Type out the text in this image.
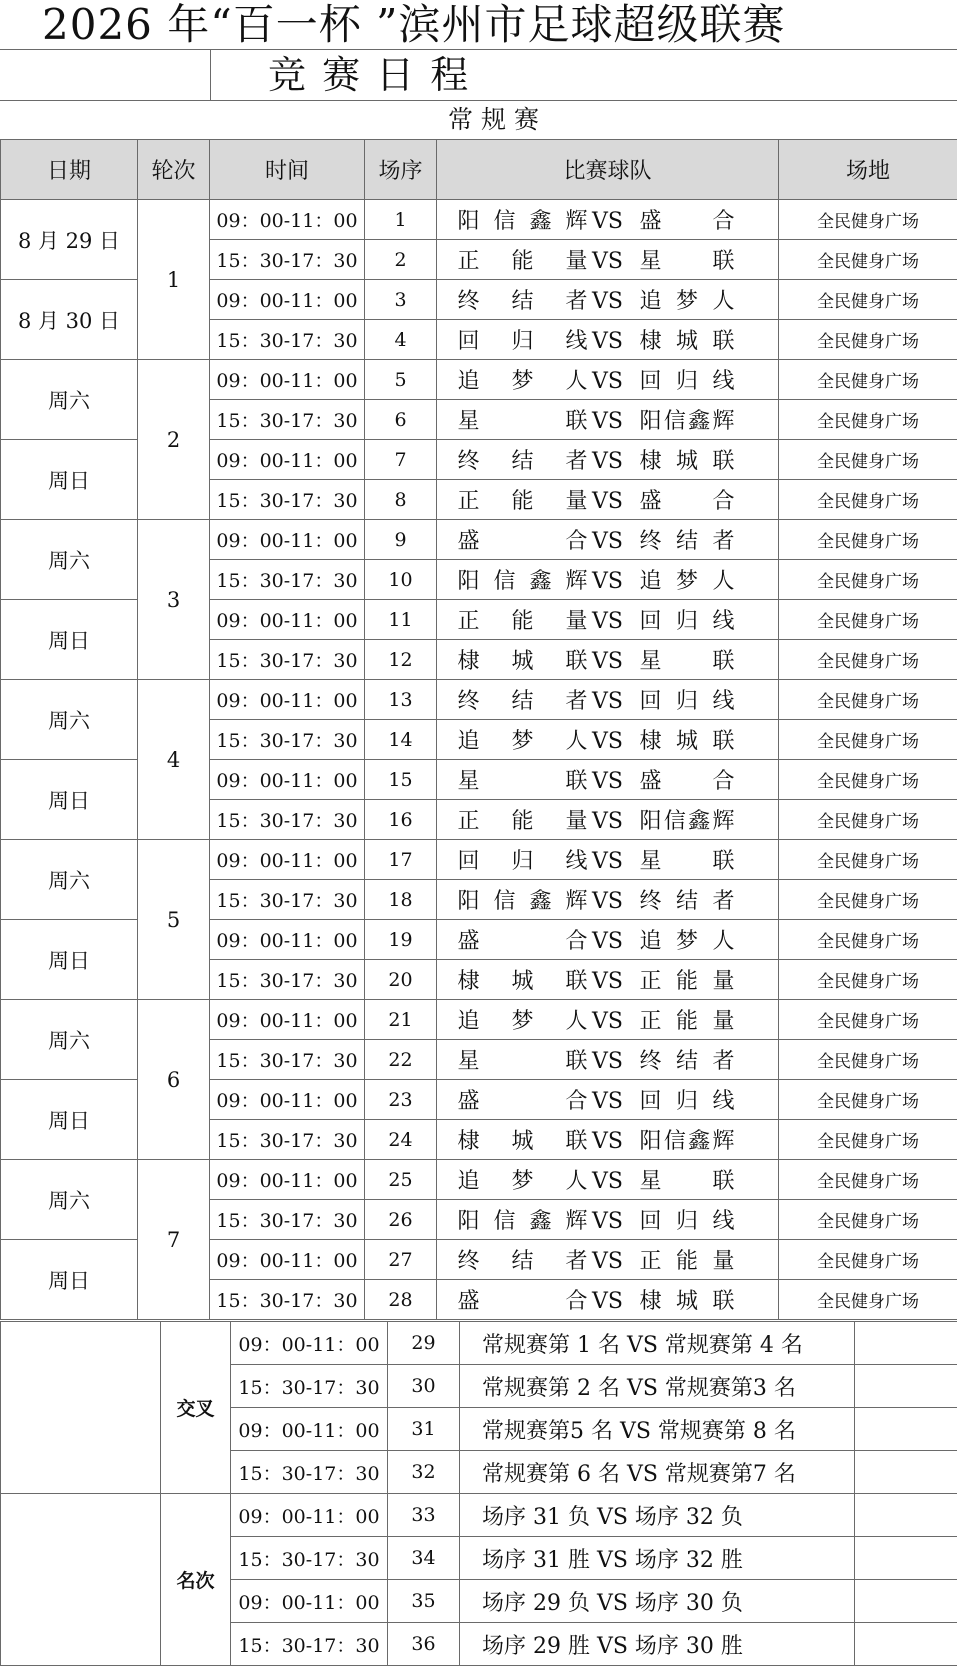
2026 年“百一杯 ”滨州市足球超级联赛
竞 赛 日 程
常 规 赛
日期	轮次	时间	场序	比赛球队	场地
8 月 29 日	1	09：00-11：00	1	阳信鑫辉 VS 盛 合	全民健身广场
		15：30-17：30	2	正能量 VS 星 联	全民健身广场
8 月 30 日		09：00-11：00	3	终结者 VS 追梦人	全民健身广场
		15：30-17：30	4	回归线 VS 棣城联	全民健身广场
周六	2	09：00-11：00	5	追梦人 VS 回归线	全民健身广场
		15：30-17：30	6	星 联 VS 阳信鑫辉	全民健身广场
周日		09：00-11：00	7	终结者 VS 棣城联	全民健身广场
		15：30-17：30	8	正能量 VS 盛 合	全民健身广场
周六	3	09：00-11：00	9	盛 合 VS 终结者	全民健身广场
		15：30-17：30	10	阳信鑫辉 VS 追梦人	全民健身广场
周日		09：00-11：00	11	正能量 VS 回归线	全民健身广场
		15：30-17：30	12	棣城联 VS 星 联	全民健身广场
周六	4	09：00-11：00	13	终结者 VS 回归线	全民健身广场
		15：30-17：30	14	追梦人 VS 棣城联	全民健身广场
周日		09：00-11：00	15	星 联 VS 盛 合	全民健身广场
		15：30-17：30	16	正能量 VS 阳信鑫辉	全民健身广场
周六	5	09：00-11：00	17	回归线 VS 星 联	全民健身广场
		15：30-17：30	18	阳信鑫辉 VS 终结者	全民健身广场
周日		09：00-11：00	19	盛 合 VS 追梦人	全民健身广场
		15：30-17：30	20	棣城联 VS 正能量	全民健身广场
周六	6	09：00-11：00	21	追梦人 VS 正能量	全民健身广场
		15：30-17：30	22	星 联 VS 终结者	全民健身广场
周日		09：00-11：00	23	盛 合 VS 回归线	全民健身广场
		15：30-17：30	24	棣城联 VS 阳信鑫辉	全民健身广场
周六	7	09：00-11：00	25	追梦人 VS 星 联	全民健身广场
		15：30-17：30	26	阳信鑫辉 VS 回归线	全民健身广场
周日		09：00-11：00	27	终结者 VS 正能量	全民健身广场
		15：30-17：30	28	盛 合 VS 棣城联	全民健身广场
	交叉	09：00-11：00	29	常规赛第 1 名 VS 常规赛第 4 名	
		15：30-17：30	30	常规赛第 2 名 VS 常规赛第3 名	
		09：00-11：00	31	常规赛第5 名 VS 常规赛第 8 名	
		15：30-17：30	32	常规赛第 6 名 VS 常规赛第7 名	
	名次	09：00-11：00	33	场序 31 负 VS 场序 32 负	
		15：30-17：30	34	场序 31 胜 VS 场序 32 胜	
		09：00-11：00	35	场序 29 负 VS 场序 30 负	
		15：30-17：30	36	场序 29 胜 VS 场序 30 胜	
